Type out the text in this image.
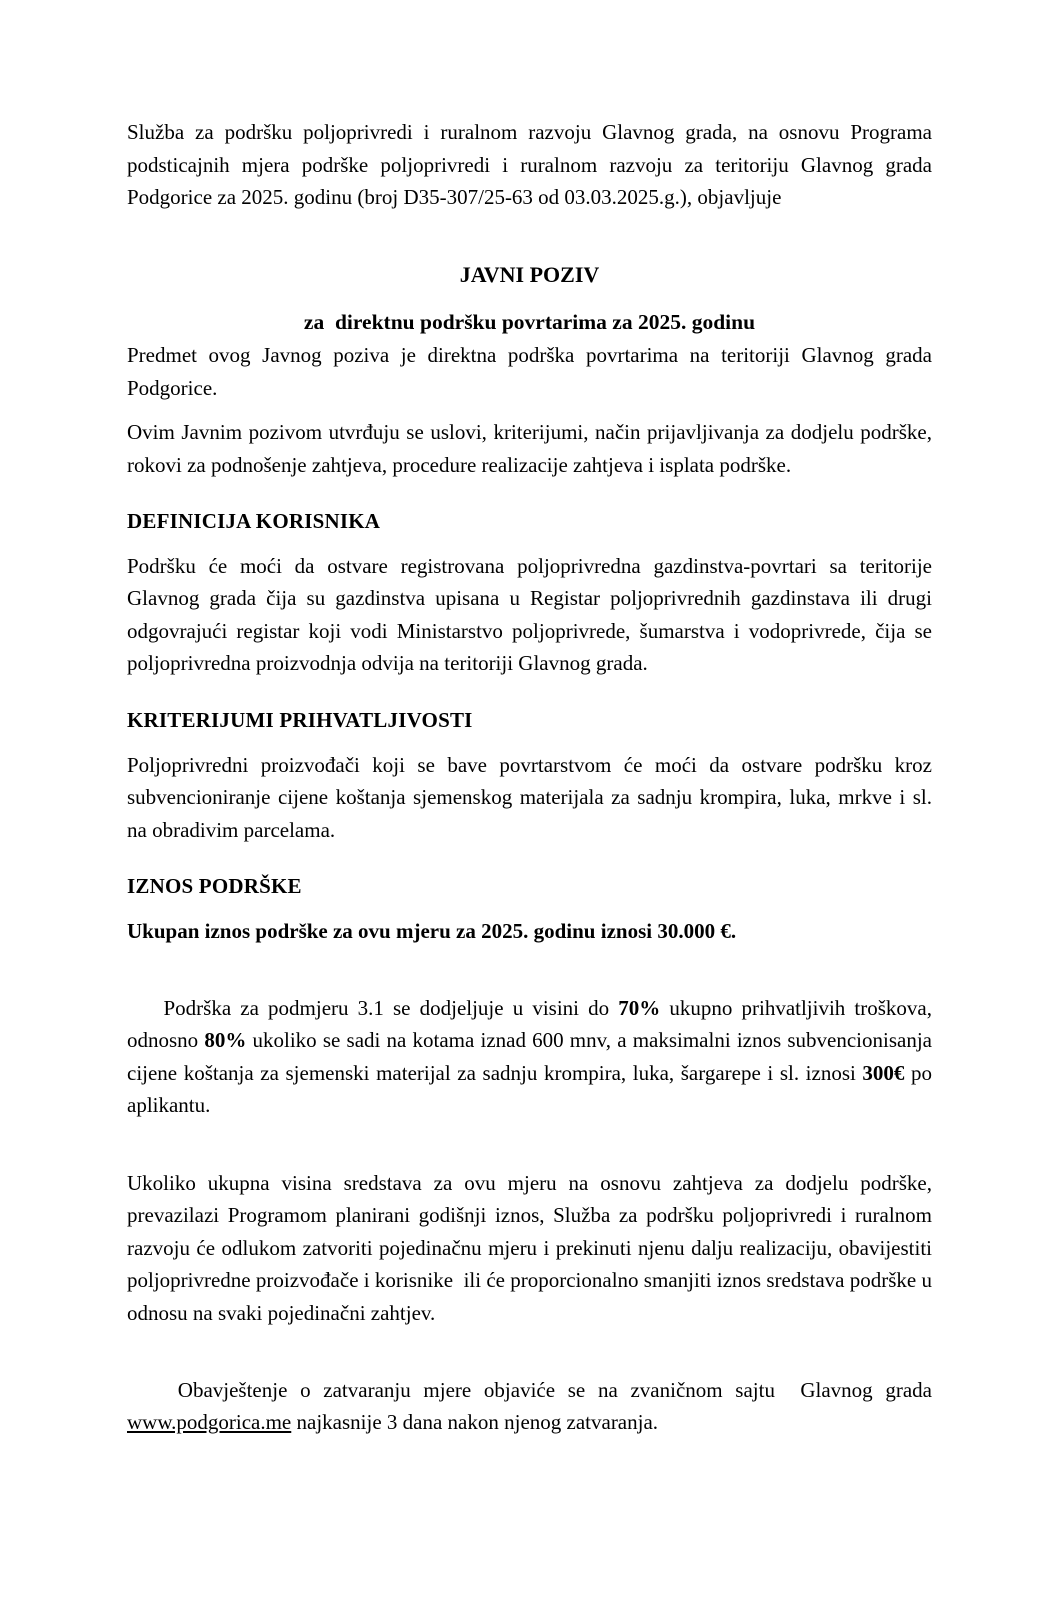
Služba za podršku poljoprivredi i ruralnom razvoju Glavnog grada, na osnovu Programa podsticajnih mjera podrške poljoprivredi i ruralnom razvoju za teritoriju Glavnog grada Podgorice za 2025. godinu (broj D35-307/25-63 od 03.03.2025.g.), objavljuje

JAVNI POZIV
za  direktnu podršku povrtarima za 2025. godinu

Predmet ovog Javnog poziva je direktna podrška povrtarima na teritoriji Glavnog grada Podgorice.

Ovim Javnim pozivom utvrđuju se uslovi, kriterijumi, način prijavljivanja za dodjelu podrške, rokovi za podnošenje zahtjeva, procedure realizacije zahtjeva i isplata podrške.

DEFINICIJA KORISNIKA

Podršku će moći da ostvare registrovana poljoprivredna gazdinstva-povrtari sa teritorije Glavnog grada čija su gazdinstva upisana u Registar poljoprivrednih gazdinstava ili drugi odgovrajući registar koji vodi Ministarstvo poljoprivrede, šumarstva i vodoprivrede, čija se poljoprivredna proizvodnja odvija na teritoriji Glavnog grada.

KRITERIJUMI PRIHVATLJIVOSTI

Poljoprivredni proizvođači koji se bave povrtarstvom će moći da ostvare podršku kroz subvencioniranje cijene koštanja sjemenskog materijala za sadnju krompira, luka, mrkve i sl. na obradivim parcelama.

IZNOS PODRŠKE

Ukupan iznos podrške za ovu mjeru za 2025. godinu iznosi 30.000 €.

Podrška za podmjeru 3.1 se dodjeljuje u visini do 70% ukupno prihvatljivih troškova, odnosno 80% ukoliko se sadi na kotama iznad 600 mnv, a maksimalni iznos subvencionisanja cijene koštanja za sjemenski materijal za sadnju krompira, luka, šargarepe i sl. iznosi 300€ po aplikantu.

Ukoliko ukupna visina sredstava za ovu mjeru na osnovu zahtjeva za dodjelu podrške, prevazilazi Programom planirani godišnji iznos, Služba za podršku poljoprivredi i ruralnom razvoju će odlukom zatvoriti pojedinačnu mjeru i prekinuti njenu dalju realizaciju, obavijestiti poljoprivredne proizvođače i korisnike  ili će proporcionalno smanjiti iznos sredstava podrške u odnosu na svaki pojedinačni zahtjev.

Obavještenje o zatvaranju mjere objaviće se na zvaničnom sajtu  Glavnog grada www.podgorica.me najkasnije 3 dana nakon njenog zatvaranja.
